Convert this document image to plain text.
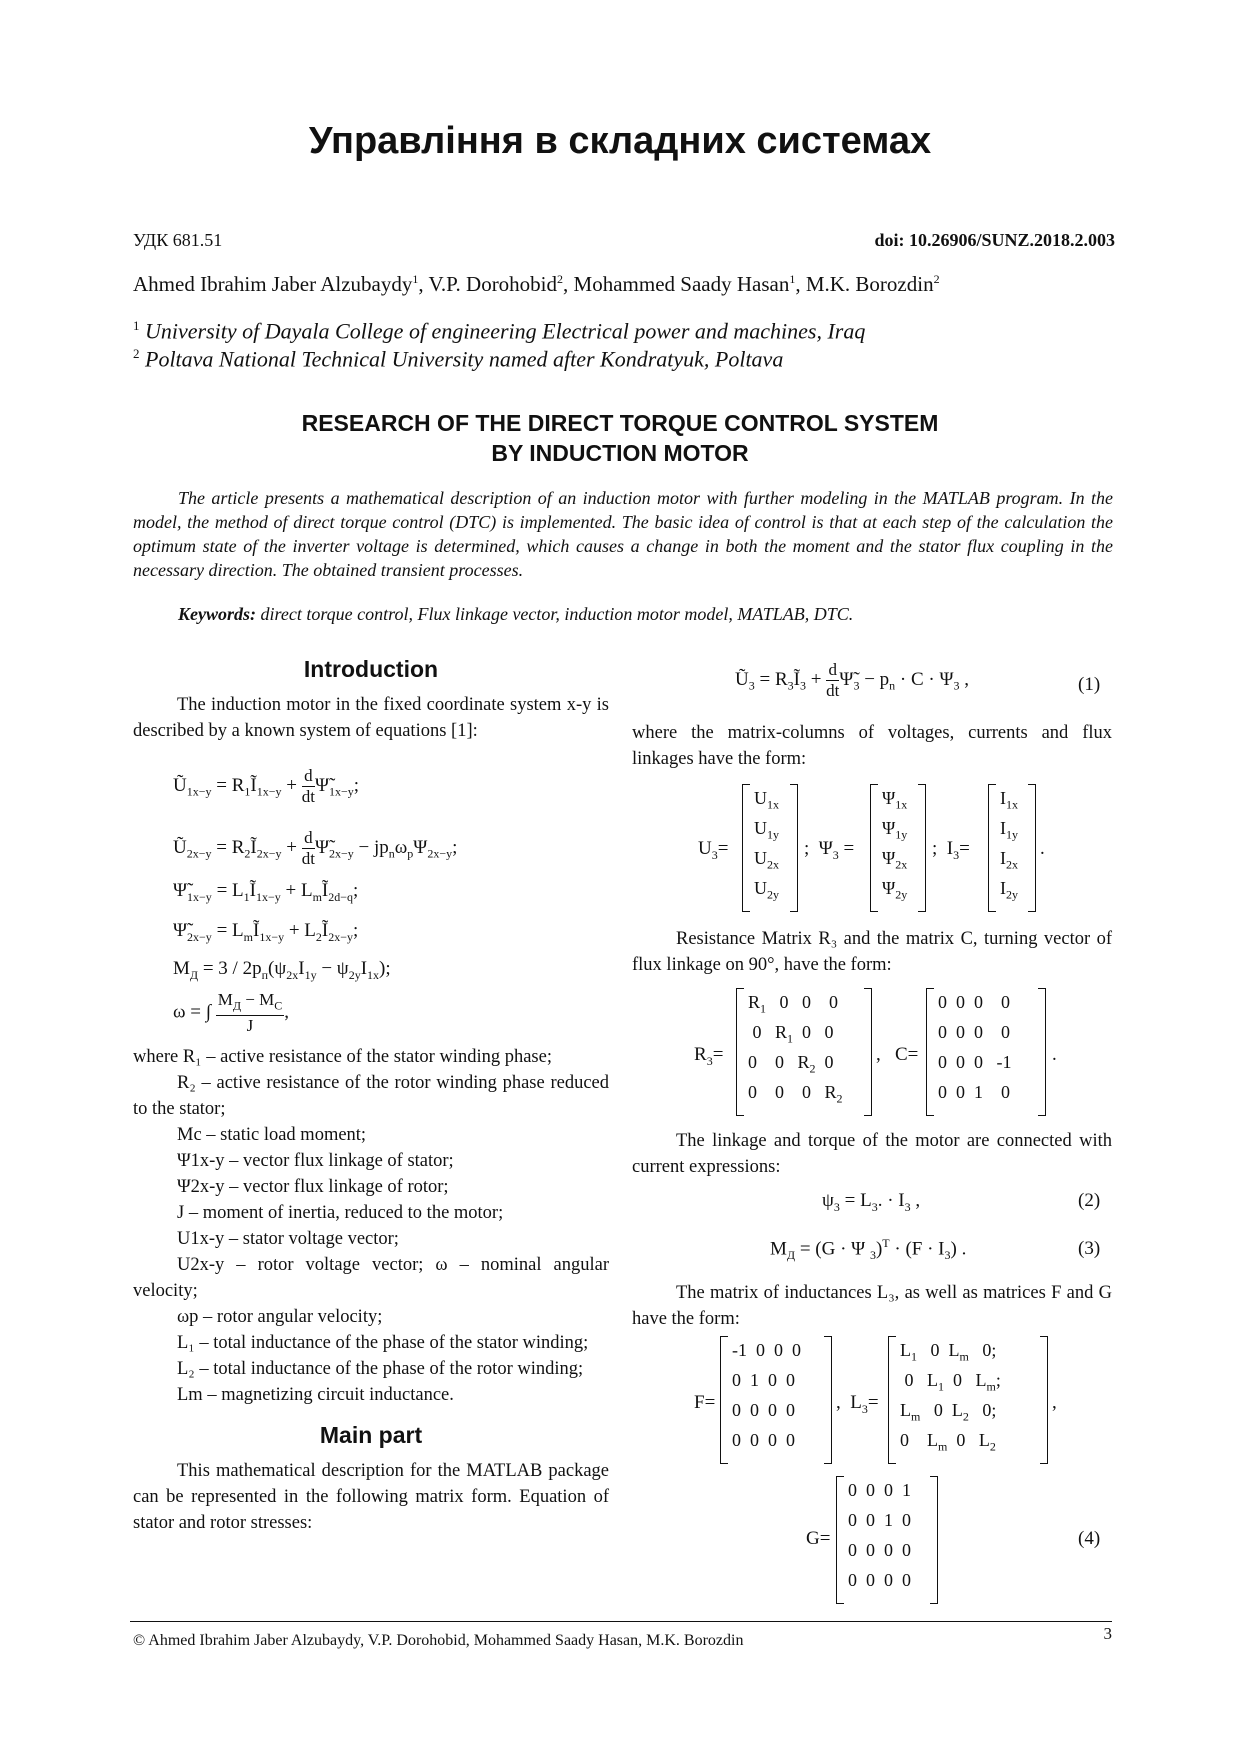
Управління в складних системах
УДК 681.51	doi: 10.26906/SUNZ.2018.2.003
Ahmed Ibrahim Jaber Alzubaydy$^1$, V.P. Dorohobid$^2$, Mohammed Saady Hasan$^1$, M.K. Borozdin$^2$
$^1$ University of Dayala College of engineering Electrical power and machines, Iraq
$^2$ Poltava National Technical University named after Kondratyuk, Poltava
RESEARCH OF THE DIRECT TORQUE CONTROL SYSTEM
BY INDUCTION MOTOR
The article presents a mathematical description of an induction motor with further modeling in the MATLAB program. In the model, the method of direct torque control (DTC) is implemented. The basic idea of control is that at each step of the calculation the optimum state of the inverter voltage is determined, which causes a change in both the moment and the stator flux coupling in the necessary direction. The obtained transient processes.
Keywords: direct torque control, Flux linkage vector, induction motor model, MATLAB, DTC.
Introduction

The induction motor in the fixed coordinate system x-y is described by a known system of equations [1]:

$Ũ_{1x-y}$ = $R_1Ĩ_{1x-y} + \frac{d}{dt}$ $\Psĩ_{1x-y}$;
$Ũ_{2x-y}$ = $R_2Ĩ_{2x-y} + \frac{d}{dt}$ $\Psĩ_{2x-y} - jp_n\omega_p\Psi_{2x-y}$;
$\Psĩ_{1x-y}$ = $L_1Ĩ_{1x-y}$ + $L_mĨ_{2d-q}$;
$\Psĩ_{2x-y}$ = $L_mĨ_{1x-y}$ + $L_2Ĩ_{2x-y}$;
$M_Д = 3 / 2p_п(\psi_{2x}I_{1y} - \psi_{2y}I_{1x})$;
ω = ∫ $\frac{M_Д - M_C}{J}$ ,

where R₁ – active resistance of the stator winding phase;

R₂ – active resistance of the rotor winding phase reduced to the stator;

Mс – static load moment;

Ψ1x-y – vector flux linkage of stator;

Ψ2x-y – vector flux linkage of rotor;

J – moment of inertia, reduced to the motor;

U1x-y – stator voltage vector;

U2x-y – rotor voltage vector; ω – nominal angular velocity;

ωр – rotor angular velocity;

L₁ – total inductance of the phase of the stator winding;

L₂ – total inductance of the phase of the rotor winding;

Lm – magnetizing circuit inductance.

Main part

This mathematical description for the MATLAB package can be represented in the following matrix form. Equation of stator and rotor stresses:

$Ũ_3$ = $R_3Ĩ_3 + \frac{d}{dt}$ $\Psĩ_3 - p_n \cdot C \cdot \Psi_3$ ,	(1)

where the matrix-columns of voltages, currents and flux linkages have the form:

$U_3=$
$U_{1x}$
$U_{1y}$
$U_{2x}$
$U_{2y}$
;  $\Psi_3$ =
$\Psi_{1x}$
$\Psi_{1y}$
$\Psi_{2x}$
$\Psi_{2y}$
;  $I_3=$
$I_{1x}$
$I_{1y}$
$I_{2x}$
$I_{2y}$
.

Resistance Matrix R₃ and the matrix C, turning vector of flux linkage on 90°, have the form:

$R_3=$
$R_1$   0   0    0
0   $R_1$  0   0
0    0   $R_2$  0
0    0    0   $R_2$
,   C=
0 0 0 0
0 0 0 0
0 0 0 -1
0 0 1 0
.

The linkage and torque of the motor are connected with current expressions:

$\psi_3 = L_3$. · $I_3$ ,	(2)
$M_Д = (G \cdot \Psi$ $_3)^T \cdot (F \cdot I_3)$ .	(3)

The matrix of inductances L₃, as well as matrices F and G have the form:

F=
-1 0 0 0
0 1 0 0
0 0 0 0
0 0 0 0
,  $L_3=$
$L_1$   0  $L_m$   0;
0   $L_1$  0   $L_m$;
$L_m$   0  $L_2$   0;
0    $L_m$  0   $L_2$
,
G=
0 0 0 1
0 0 1 0
0 0 0 0
0 0 0 0
(4)
© Ahmed Ibrahim Jaber Alzubaydy, V.P. Dorohobid, Mohammed Saady Hasan, M.K. Borozdin	3
